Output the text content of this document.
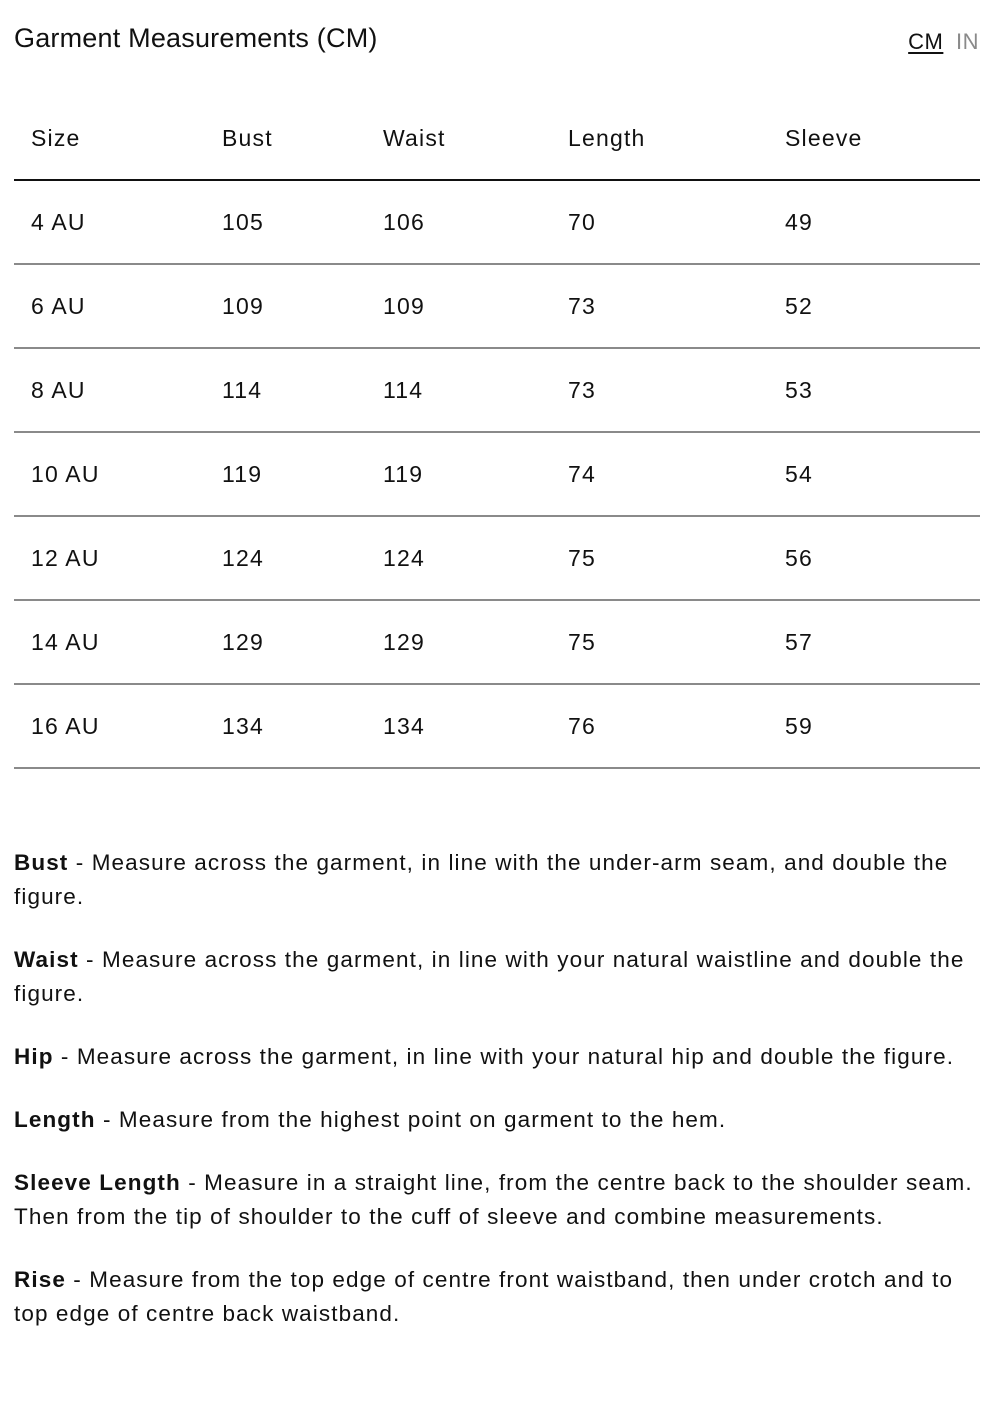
Garment Measurements (CM)	CM IN
Size	Bust	Waist	Length	Sleeve
4 AU	105	106	70	49
6 AU	109	109	73	52
8 AU	114	114	73	53
10 AU	119	119	74	54
12 AU	124	124	75	56
14 AU	129	129	75	57
16 AU	134	134	76	59

Bust - Measure across the garment, in line with the under-arm seam, and double the figure.

Waist - Measure across the garment, in line with your natural waistline and double the figure.

Hip - Measure across the garment, in line with your natural hip and double the figure.

Length - Measure from the highest point on garment to the hem.

Sleeve Length - Measure in a straight line, from the centre back to the shoulder seam. Then from the tip of shoulder to the cuff of sleeve and combine measurements.

Rise - Measure from the top edge of centre front waistband, then under crotch and to top edge of centre back waistband.
